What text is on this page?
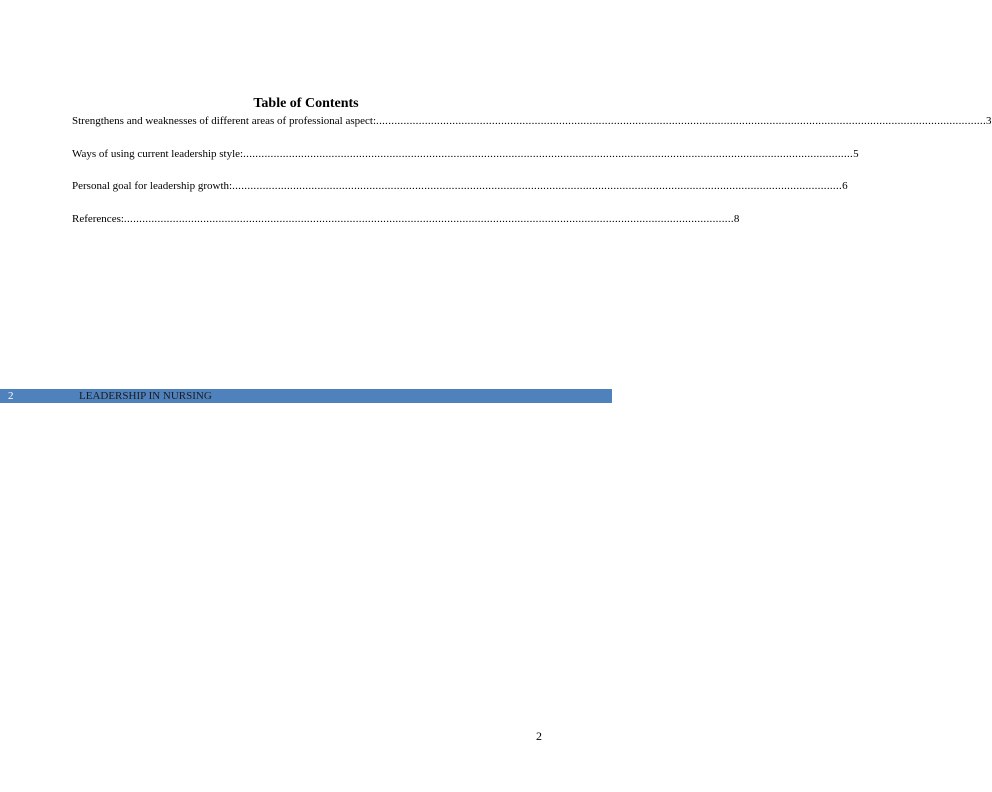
Table of Contents
Strengthens and weaknesses of different areas of professional aspect: ........................................................................................................................................................................................................ 3
Ways of using current leadership style: ........................................................................................................................................................................................................ 5
Personal goal for leadership growth: ........................................................................................................................................................................................................ 6
References: ........................................................................................................................................................................................................ 8
2	LEADERSHIP IN NURSING
2
